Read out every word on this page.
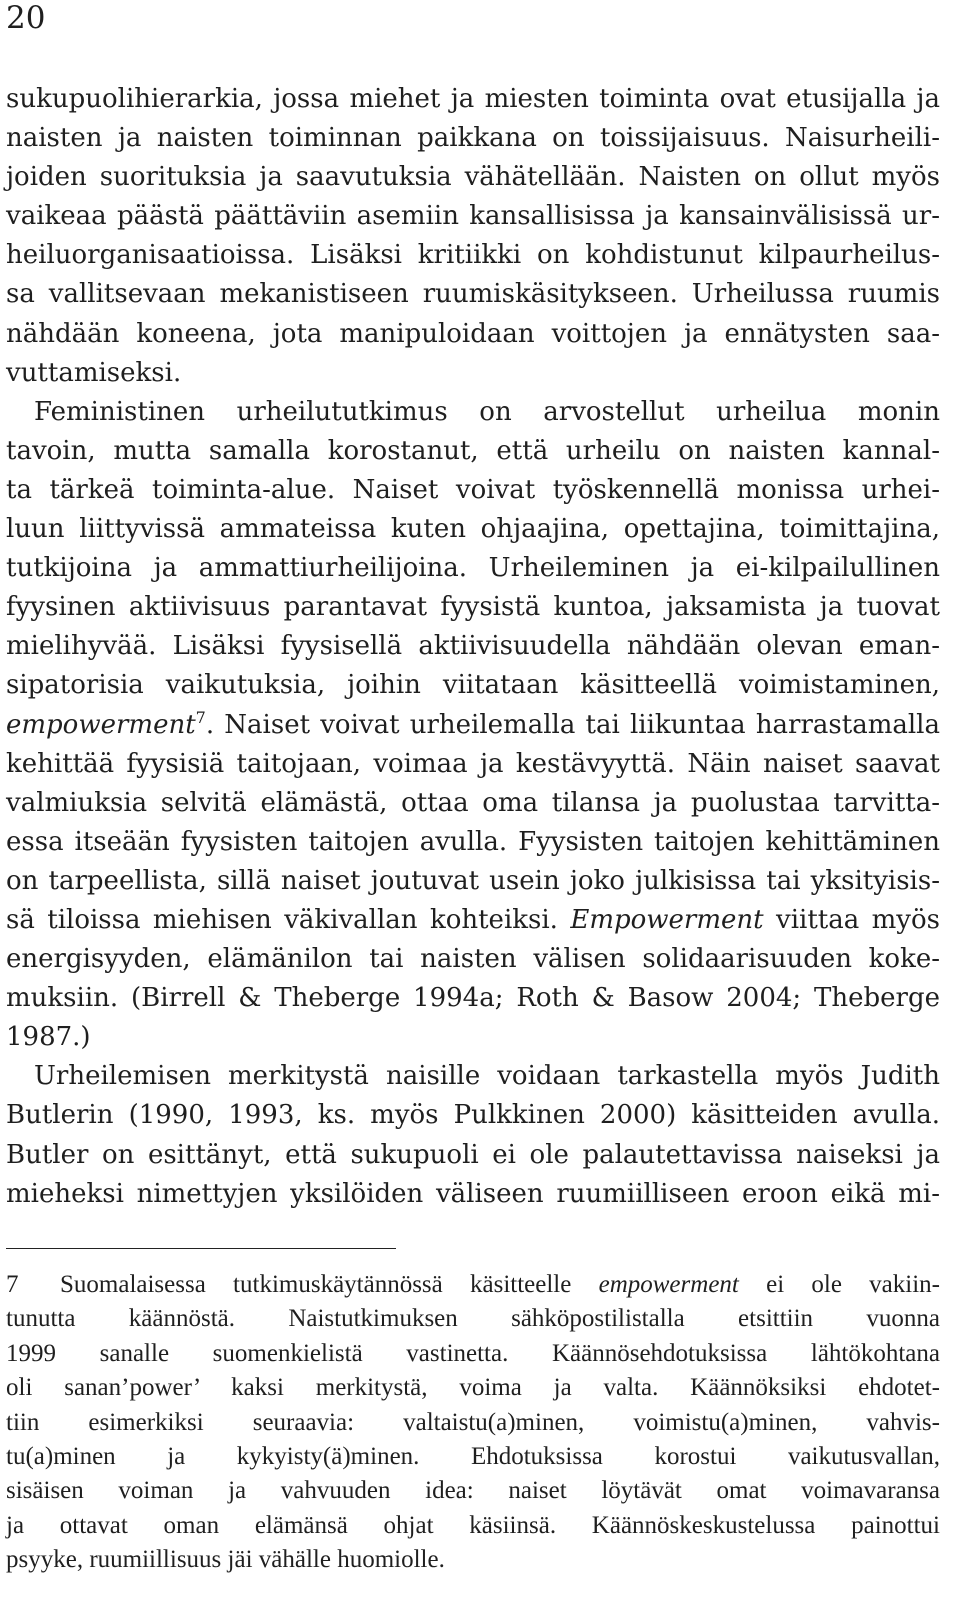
20
sukupuolihierarkia, jossa miehet ja miesten toiminta ovat etusijalla ja
naisten ja naisten toiminnan paikkana on toissijaisuus. Naisurheili-
joiden suorituksia ja saavutuksia vähätellään. Naisten on ollut myös
vaikeaa päästä päättäviin asemiin kansallisissa ja kansainvälisissä ur-
heiluorganisaatioissa. Lisäksi kritiikki on kohdistunut kilpaurheilus-
sa vallitsevaan mekanistiseen ruumiskäsitykseen. Urheilussa ruumis
nähdään koneena, jota manipuloidaan voittojen ja ennätysten saa-
vuttamiseksi.
Feministinen urheilututkimus on arvostellut urheilua monin
tavoin, mutta samalla korostanut, että urheilu on naisten kannal-
ta tärkeä toiminta-alue. Naiset voivat työskennellä monissa urhei-
luun liittyvissä ammateissa kuten ohjaajina, opettajina, toimittajina,
tutkijoina ja ammattiurheilijoina. Urheileminen ja ei-kilpailullinen
fyysinen aktiivisuus parantavat fyysistä kuntoa, jaksamista ja tuovat
mielihyvää. Lisäksi fyysisellä aktiivisuudella nähdään olevan eman-
sipatorisia vaikutuksia, joihin viitataan käsitteellä voimistaminen,
empowerment$^7$. Naiset voivat urheilemalla tai liikuntaa harrastamalla
kehittää fyysisiä taitojaan, voimaa ja kestävyyttä. Näin naiset saavat
valmiuksia selvitä elämästä, ottaa oma tilansa ja puolustaa tarvitta-
essa itseään fyysisten taitojen avulla. Fyysisten taitojen kehittäminen
on tarpeellista, sillä naiset joutuvat usein joko julkisissa tai yksityisis-
sä tiloissa miehisen väkivallan kohteiksi. Empowerment viittaa myös
energisyyden, elämänilon tai naisten välisen solidaarisuuden koke-
muksiin. (Birrell & Theberge 1994a; Roth & Basow 2004; Theberge
1987.)
Urheilemisen merkitystä naisille voidaan tarkastella myös Judith
Butlerin (1990, 1993, ks. myös Pulkkinen 2000) käsitteiden avulla.
Butler on esittänyt, että sukupuoli ei ole palautettavissa naiseksi ja
mieheksi nimettyjen yksilöiden väliseen ruumiilliseen eroon eikä mi-
7 Suomalaisessa tutkimuskäytännössä käsitteelle empowerment ei ole vakiin-
tunutta käännöstä. Naistutkimuksen sähköpostilistalla etsittiin vuonna
1999 sanalle suomenkielistä vastinetta. Käännösehdotuksissa lähtökohtana
oli sanan’power’ kaksi merkitystä, voima ja valta. Käännöksiksi ehdotet-
tiin esimerkiksi seuraavia: valtaistu(a)minen, voimistu(a)minen, vahvis-
tu(a)minen ja kykyisty(ä)minen. Ehdotuksissa korostui vaikutusvallan,
sisäisen voiman ja vahvuuden idea: naiset löytävät omat voimavaransa
ja ottavat oman elämänsä ohjat käsiinsä. Käännöskeskustelussa painottui
psyyke, ruumiillisuus jäi vähälle huomiolle.
